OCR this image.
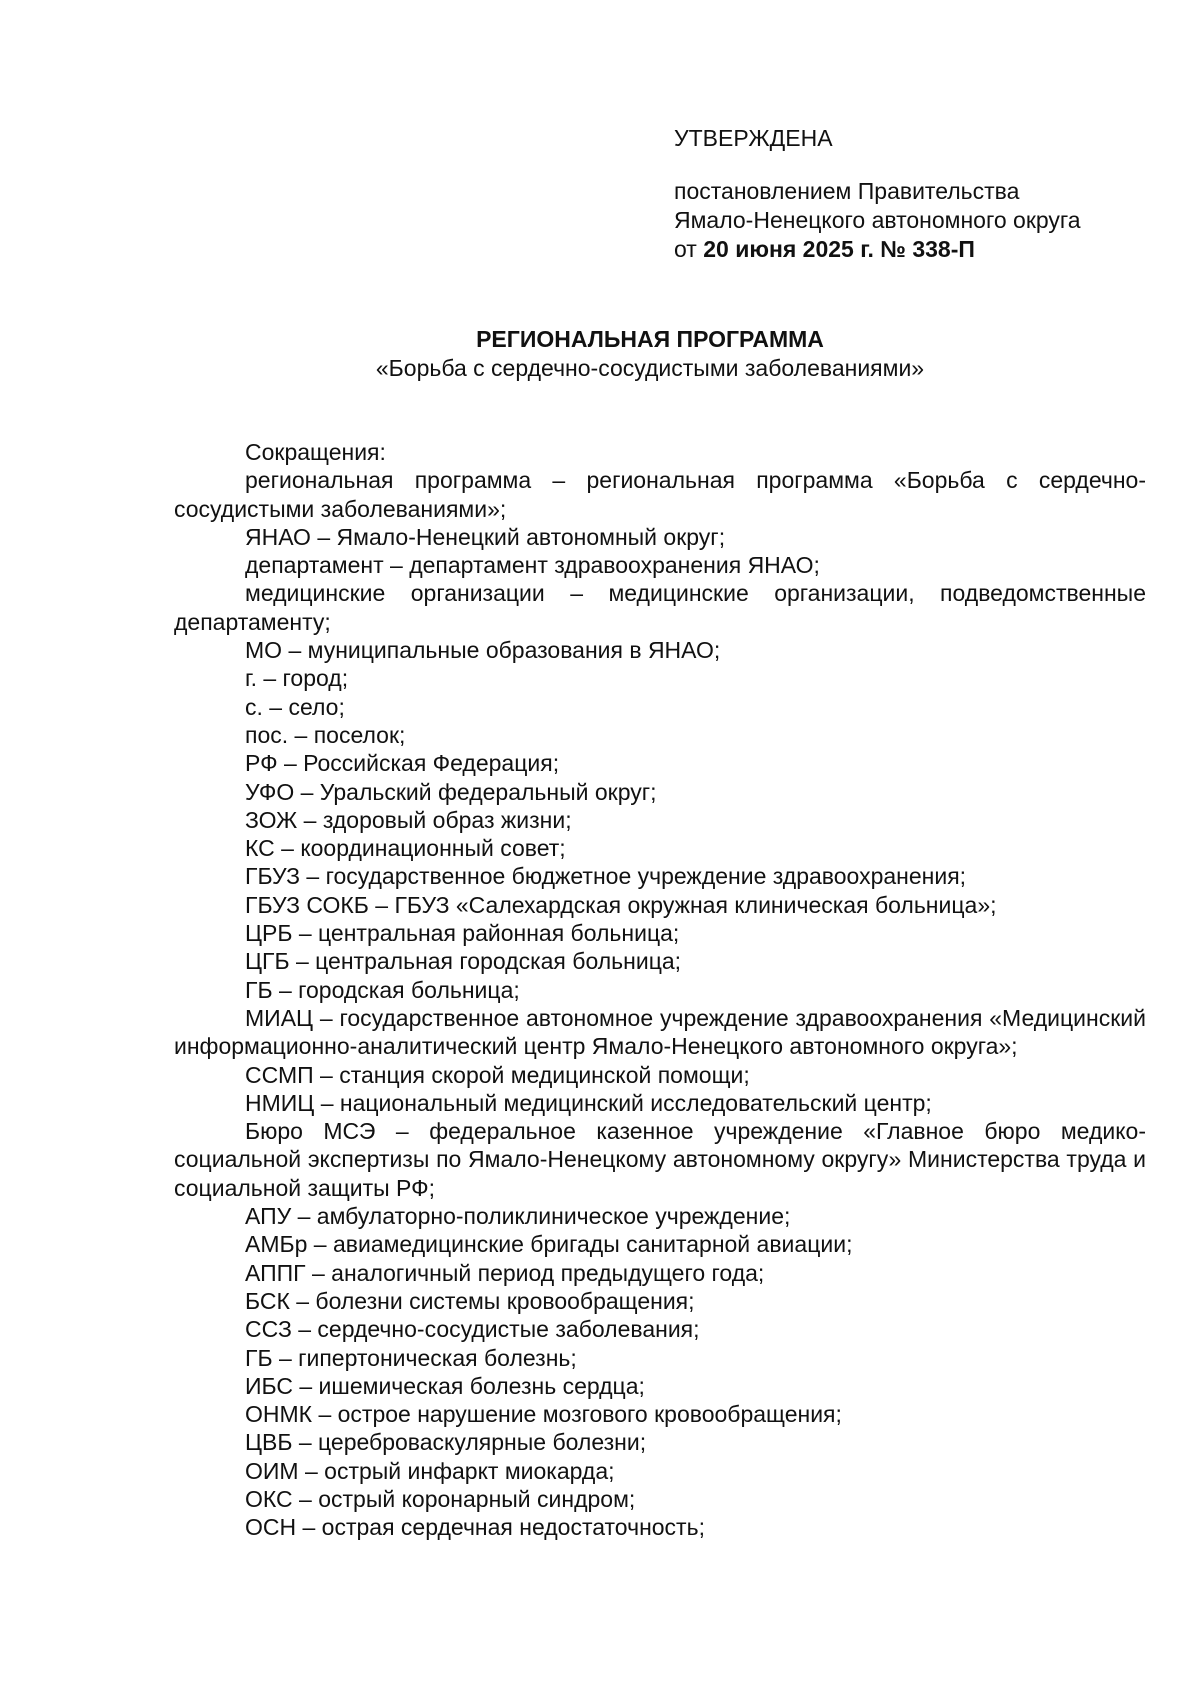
УТВЕРЖДЕНА

постановлением Правительства

Ямало-Ненецкого автономного округа

от 20 июня 2025 г. № 338-П

РЕГИОНАЛЬНАЯ ПРОГРАММА
«Борьба с сердечно-сосудистыми заболеваниями»

Сокращения:

региональная программа – региональная программа «Борьба с сердечно-сосудистыми заболеваниями»;

ЯНАО – Ямало-Ненецкий автономный округ;

департамент – департамент здравоохранения ЯНАО;

медицинские организации – медицинские организации, подведомственные департаменту;

МО – муниципальные образования в ЯНАО;

г. – город;

с. – село;

пос. – поселок;

РФ – Российская Федерация;

УФО – Уральский федеральный округ;

ЗОЖ – здоровый образ жизни;

КС – координационный совет;

ГБУЗ – государственное бюджетное учреждение здравоохранения;

ГБУЗ СОКБ – ГБУЗ «Салехардская окружная клиническая больница»;

ЦРБ – центральная районная больница;

ЦГБ – центральная городская больница;

ГБ – городская больница;

МИАЦ – государственное автономное учреждение здравоохранения «Медицинский информационно-аналитический центр Ямало-Ненецкого автономного округа»;

ССМП – станция скорой медицинской помощи;

НМИЦ – национальный медицинский исследовательский центр;

Бюро МСЭ – федеральное казенное учреждение «Главное бюро медико-социальной экспертизы по Ямало-Ненецкому автономному округу» Министерства труда и социальной защиты РФ;

АПУ – амбулаторно-поликлиническое учреждение;

АМБр – авиамедицинские бригады санитарной авиации;

АППГ – аналогичный период предыдущего года;

БСК – болезни системы кровообращения;

ССЗ – сердечно-сосудистые заболевания;

ГБ – гипертоническая болезнь;

ИБС – ишемическая болезнь сердца;

ОНМК – острое нарушение мозгового кровообращения;

ЦВБ – цереброваскулярные болезни;

ОИМ – острый инфаркт миокарда;

ОКС – острый коронарный синдром;

ОСН – острая сердечная недостаточность;
